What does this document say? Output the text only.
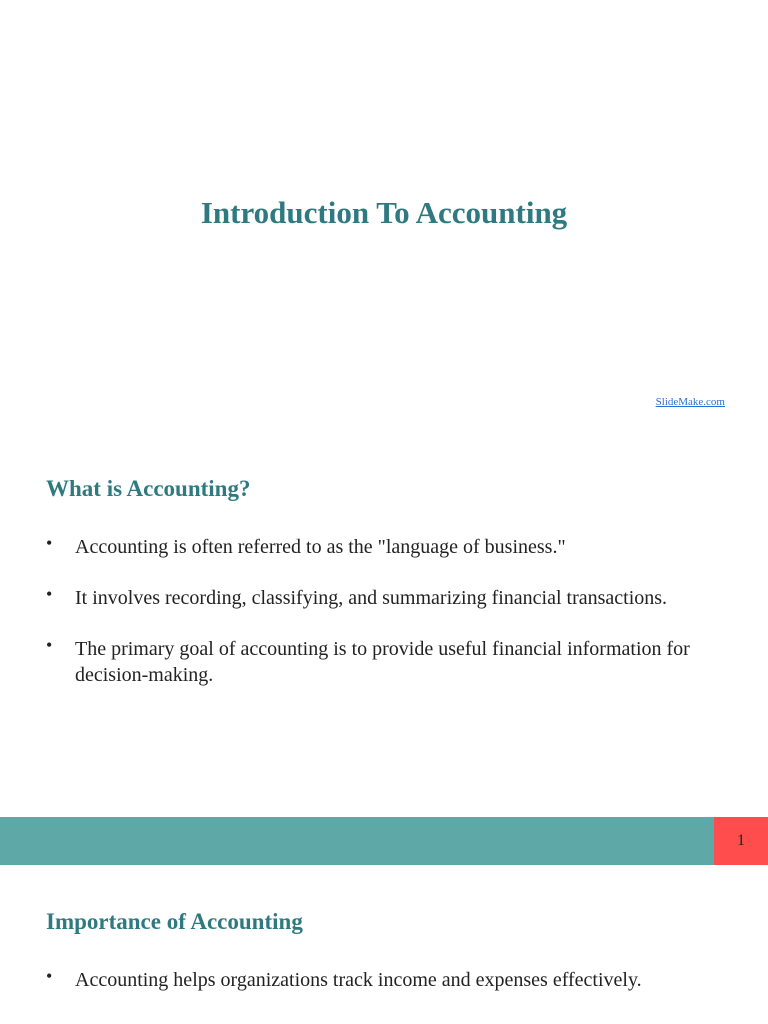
Introduction To Accounting
SlideMake.com
What is Accounting?
• Accounting is often referred to as the "language of business."
• It involves recording, classifying, and summarizing financial transactions.
• The primary goal of accounting is to provide useful financial information for decision-making.
1
Importance of Accounting
• Accounting helps organizations track income and expenses effectively.
